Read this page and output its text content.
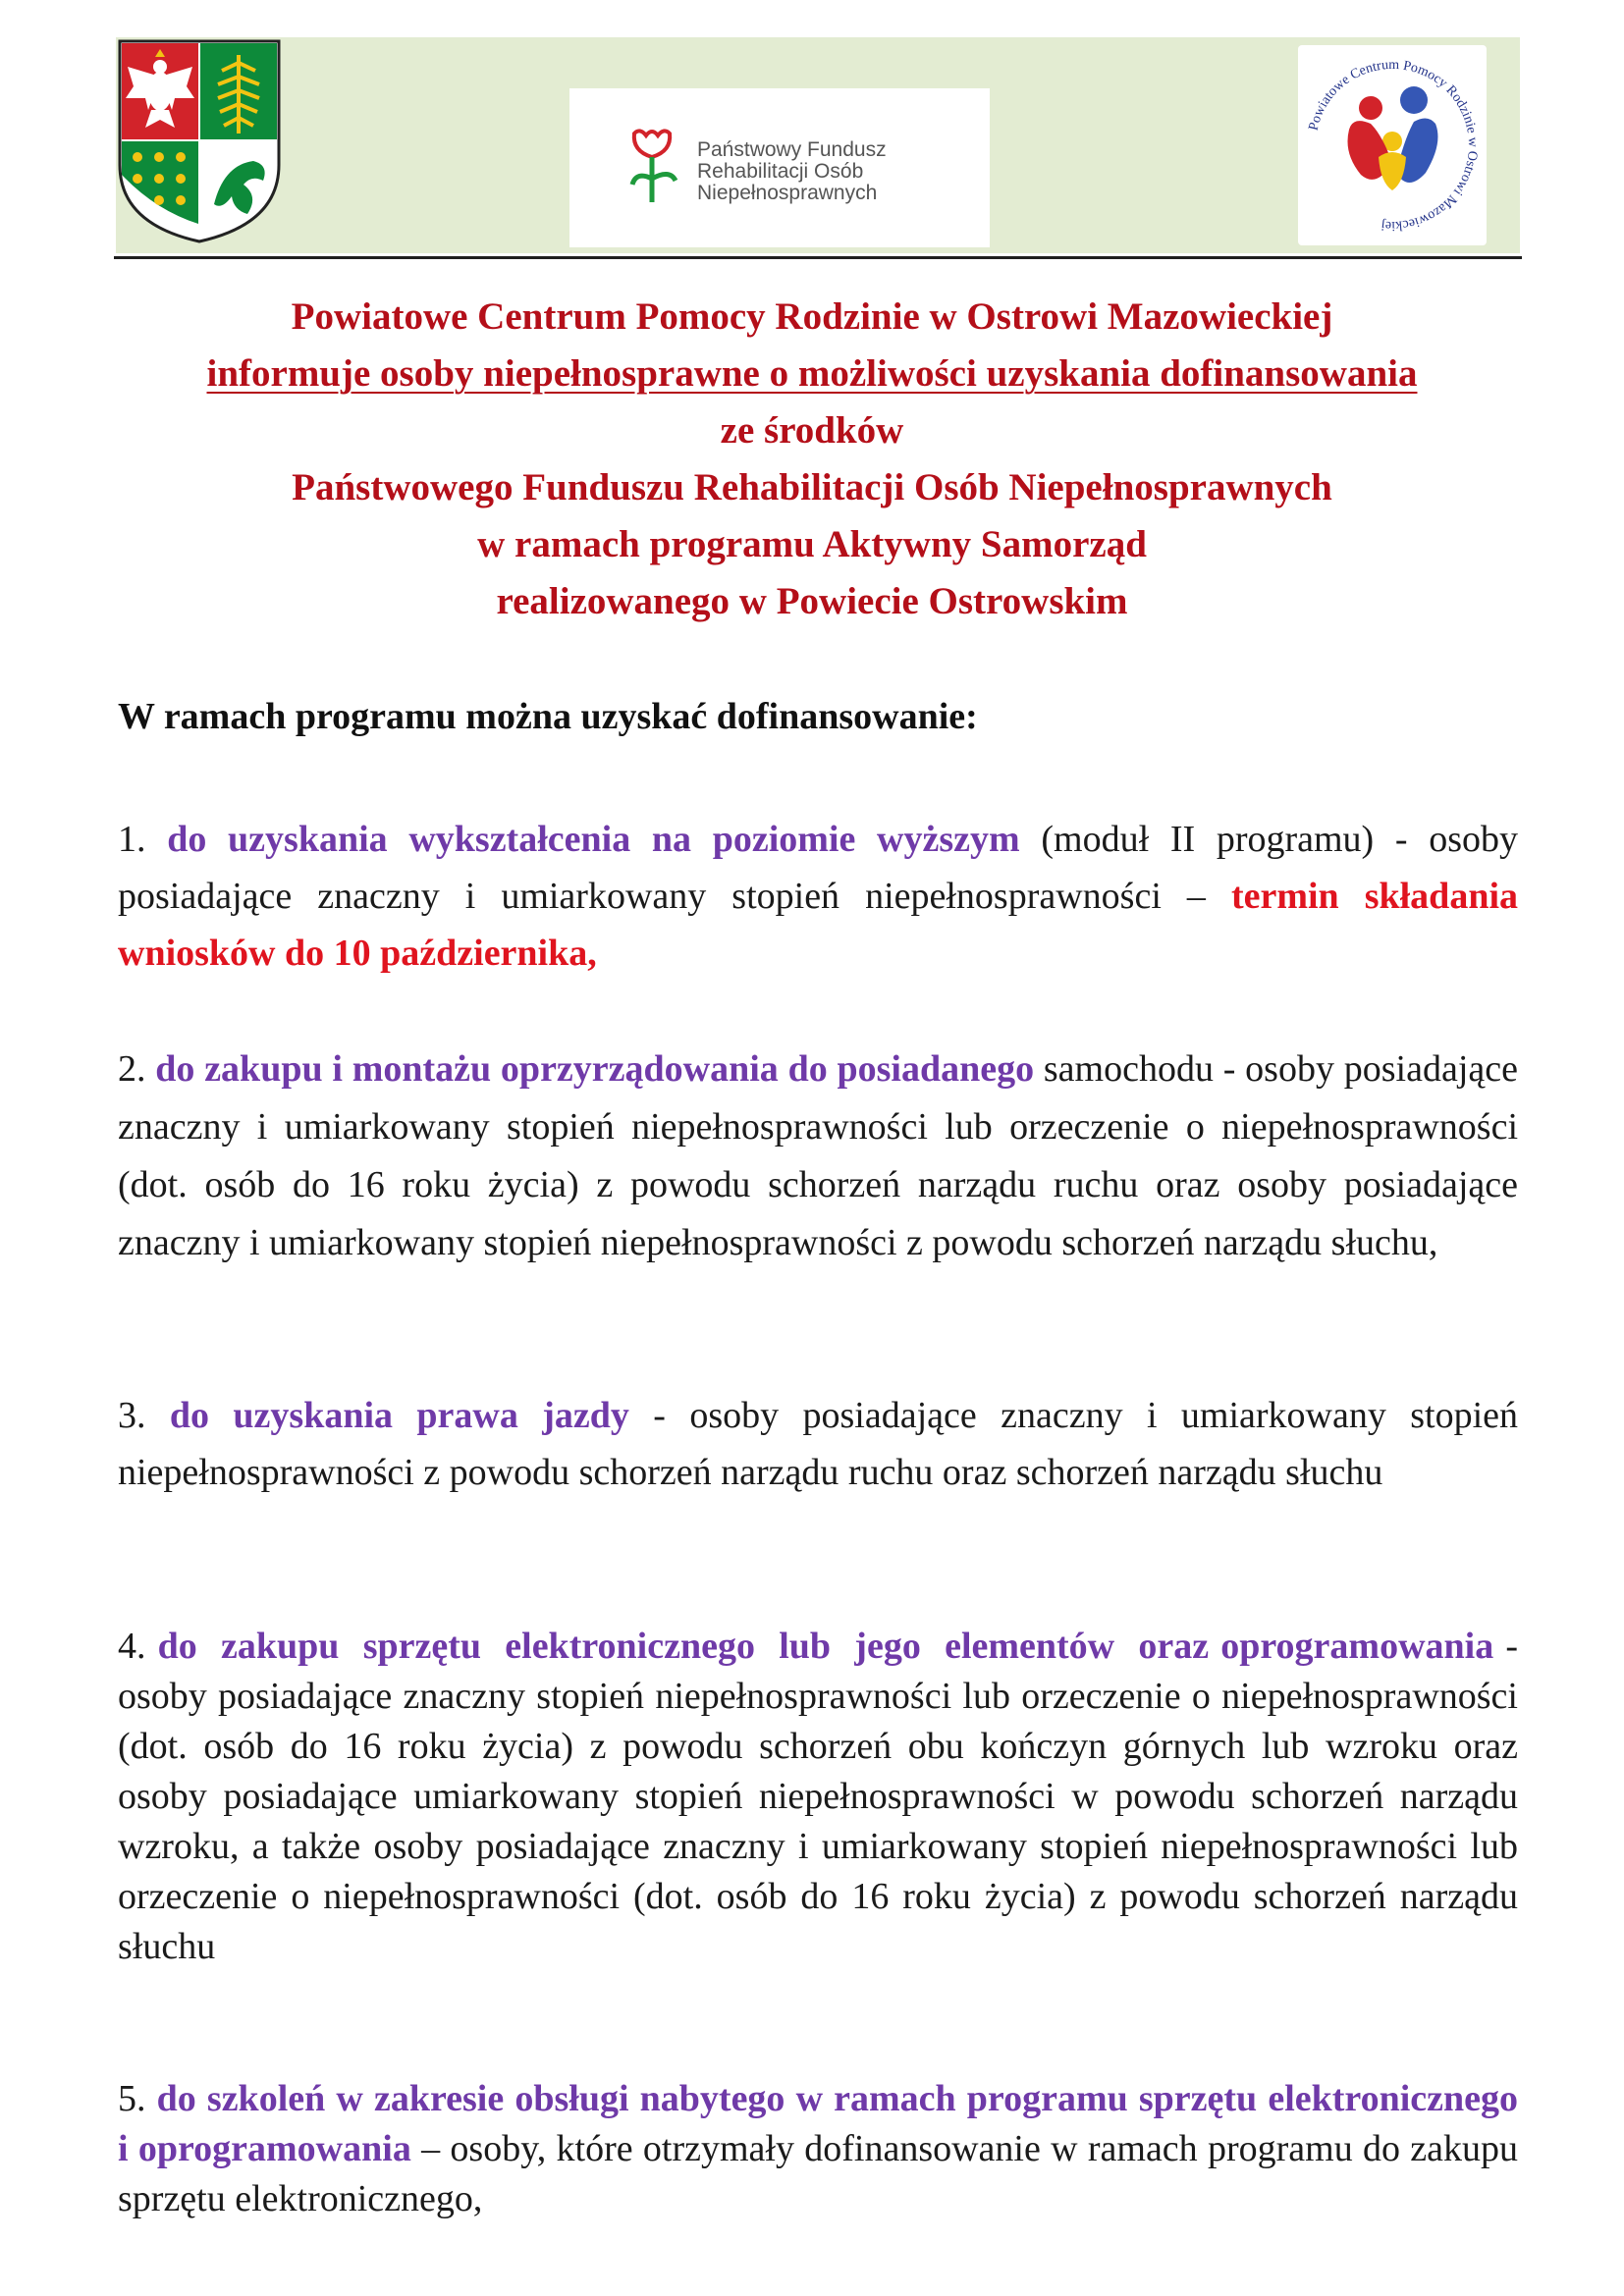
Państwowy Fundusz
Rehabilitacji Osób
Niepełnosprawnych
Powiatowe Centrum Pomocy Rodzinie w Ostrowi Mazowieckiej
Powiatowe Centrum Pomocy Rodzinie w Ostrowi Mazowieckiej
informuje osoby niepełnosprawne o możliwości uzyskania dofinansowania
ze środków
Państwowego Funduszu Rehabilitacji Osób Niepełnosprawnych
w ramach programu Aktywny Samorząd
realizowanego w Powiecie Ostrowskim
W ramach programu można uzyskać dofinansowanie:
1. do uzyskania wykształcenia na poziomie wyższym (moduł II programu) - osoby posiadające znaczny i umiarkowany stopień niepełnosprawności – termin składania wniosków do 10 października,
2. do zakupu i montażu oprzyrządowania do posiadanego samochodu - osoby posiadające znaczny i umiarkowany stopień niepełnosprawności lub orzeczenie o niepełnosprawności (dot. osób do 16 roku życia) z powodu schorzeń narządu ruchu oraz osoby posiadające znaczny i umiarkowany stopień niepełnosprawności z powodu schorzeń narządu słuchu,
3. do uzyskania prawa jazdy - osoby posiadające znaczny i umiarkowany stopień niepełnosprawności z powodu schorzeń narządu ruchu oraz schorzeń narządu słuchu
4. do  zakupu  sprzętu  elektronicznego  lub  jego  elementów  oraz oprogramowania - osoby posiadające znaczny stopień niepełnosprawności lub orzeczenie o niepełnosprawności (dot. osób do 16 roku życia) z powodu schorzeń obu kończyn górnych lub wzroku oraz osoby posiadające umiarkowany stopień niepełnosprawności w powodu schorzeń narządu wzroku, a także osoby posiadające znaczny i umiarkowany stopień niepełnosprawności lub orzeczenie o niepełnosprawności (dot. osób do 16 roku życia) z powodu schorzeń narządu słuchu
5. do szkoleń w zakresie obsługi nabytego w ramach programu sprzętu elektronicznego i oprogramowania – osoby, które otrzymały dofinansowanie w ramach programu do zakupu sprzętu elektronicznego,
